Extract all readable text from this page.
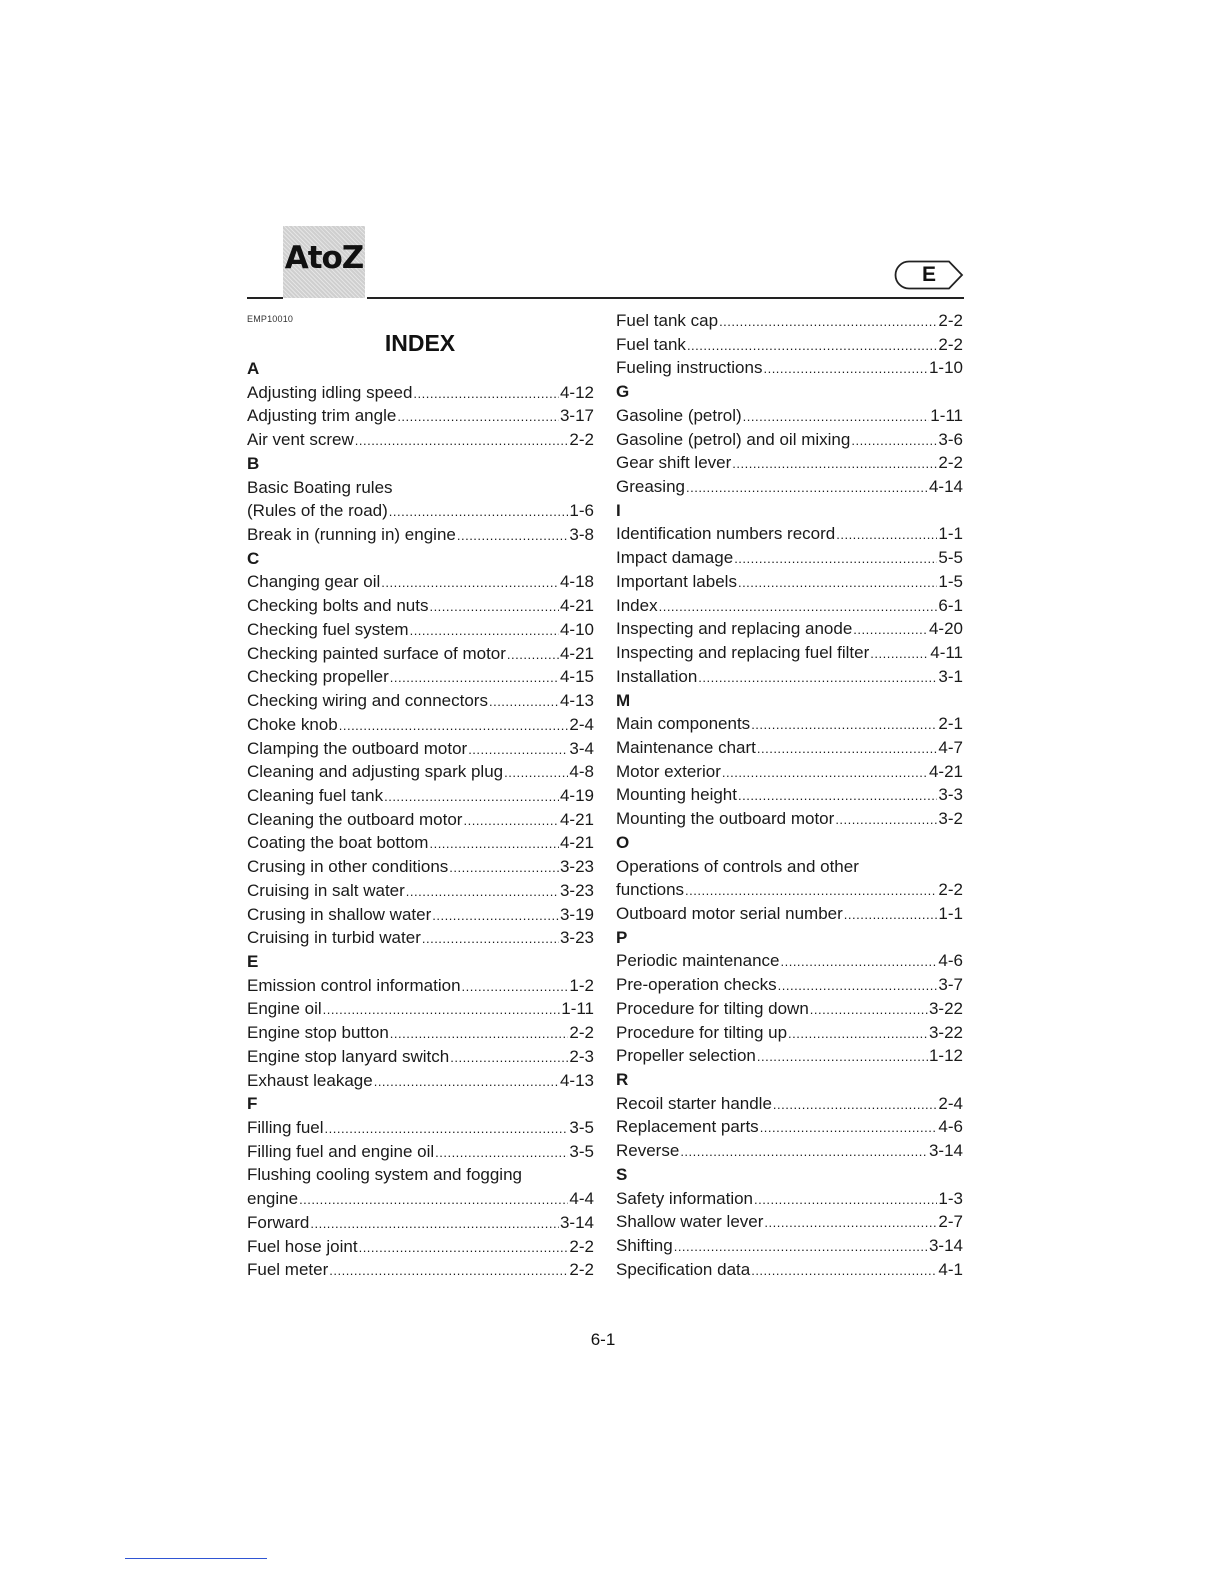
AtoZ	E
EMP10010
INDEX
A
Adjusting idling speed .....	4-12
Adjusting trim angle .....	3-17
Air vent screw .....	2-2
B
Basic Boating rules
(Rules of the road) .....	1-6
Break in (running in) engine .....	3-8
C
Changing gear oil .....	4-18
Checking bolts and nuts .....	4-21
Checking fuel system .....	4-10
Checking painted surface of motor .....	4-21
Checking propeller .....	4-15
Checking wiring and connectors .....	4-13
Choke knob .....	2-4
Clamping the outboard motor .....	3-4
Cleaning and adjusting spark plug .....	4-8
Cleaning fuel tank .....	4-19
Cleaning the outboard motor .....	4-21
Coating the boat bottom .....	4-21
Crusing in other conditions .....	3-23
Cruising in salt water .....	3-23
Crusing in shallow water .....	3-19
Cruising in turbid water .....	3-23
E
Emission control information .....	1-2
Engine oil .....	1-11
Engine stop button .....	2-2
Engine stop lanyard switch .....	2-3
Exhaust leakage .....	4-13
F
Filling fuel .....	3-5
Filling fuel and engine oil .....	3-5
Flushing cooling system and fogging
engine .....	4-4
Forward .....	3-14
Fuel hose joint .....	2-2
Fuel meter .....	2-2
Fuel tank cap .....	2-2
Fuel tank .....	2-2
Fueling instructions .....	1-10
G
Gasoline (petrol) .....	1-11
Gasoline (petrol) and oil mixing .....	3-6
Gear shift lever .....	2-2
Greasing .....	4-14
I
Identification numbers record .....	1-1
Impact damage .....	5-5
Important labels .....	1-5
Index .....	6-1
Inspecting and replacing anode .....	4-20
Inspecting and replacing fuel filter .....	4-11
Installation .....	3-1
M
Main components .....	2-1
Maintenance chart .....	4-7
Motor exterior .....	4-21
Mounting height .....	3-3
Mounting the outboard motor .....	3-2
O
Operations of controls and other
functions .....	2-2
Outboard motor serial number .....	1-1
P
Periodic maintenance .....	4-6
Pre-operation checks .....	3-7
Procedure for tilting down .....	3-22
Procedure for tilting up .....	3-22
Propeller selection .....	1-12
R
Recoil starter handle .....	2-4
Replacement parts .....	4-6
Reverse .....	3-14
S
Safety information .....	1-3
Shallow water lever .....	2-7
Shifting .....	3-14
Specification data .....	4-1
6-1
